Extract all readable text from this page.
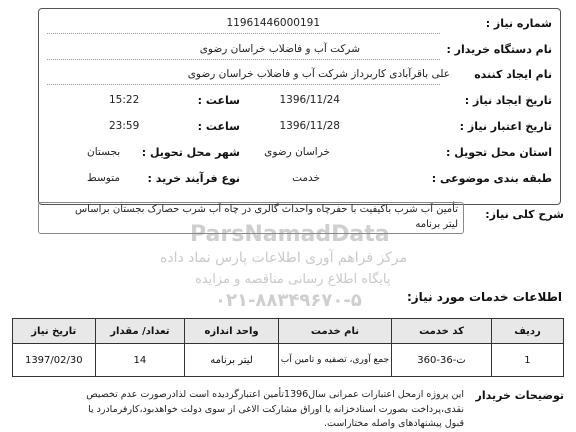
ParsNamadData
مرکز فراهم آوری اطلاعات پارس نماد داده
پایگاه اطلاع رسانی مناقصه و مزایده
۰۲۱-۸۸۳۴۹۶۷۰-۵
شماره نیاز :
11961446000191
نام دستگاه خریدار :
شرکت آب و فاضلاب خراسان رضوی
نام ایجاد کننده
علی باقرآبادی کاربرداز شرکت آب و فاضلاب خراسان رضوی
تاریخ ایجاد نیاز :
1396/11/24
ساعت :
15:22
تاریخ اعتبار نیاز :
1396/11/28
ساعت :
23:59
استان محل تحویل :
خراسان رضوی
شهر محل تحویل :
بجستان
طبقه بندی موضوعی :
خدمت
نوع فرآیند خرید :
متوسط
شرح کلی نیاز:
تأمین آب شرب باکیفیت با حفرچاه واحداث گالری در چاه آب شرب حصارک بجستان براساس
لیتر برنامه
اطلاعات خدمات مورد نیاز:
ردیف	کد خدمت	نام خدمت	واحد اندازه	تعداد/ مقدار	تاریخ نیاز
1	ت-36-360	جمع آوری، تصفیه و تامین آب	لیتر برنامه	14	1397/02/30
توضیحات خریدار
این پروژه ازمحل اعتبارات عمرانی سال1396تأمین اعتبارگردیده است لذادرصورت عدم تخصیص
نقدی،پرداخت بصورت اسنادخزانه یا اوراق مشارکت الاغی از سوی دولت خواهدبود،کارفرمادرد یا
قبول پیشنهادهای واصله مختاراست.
